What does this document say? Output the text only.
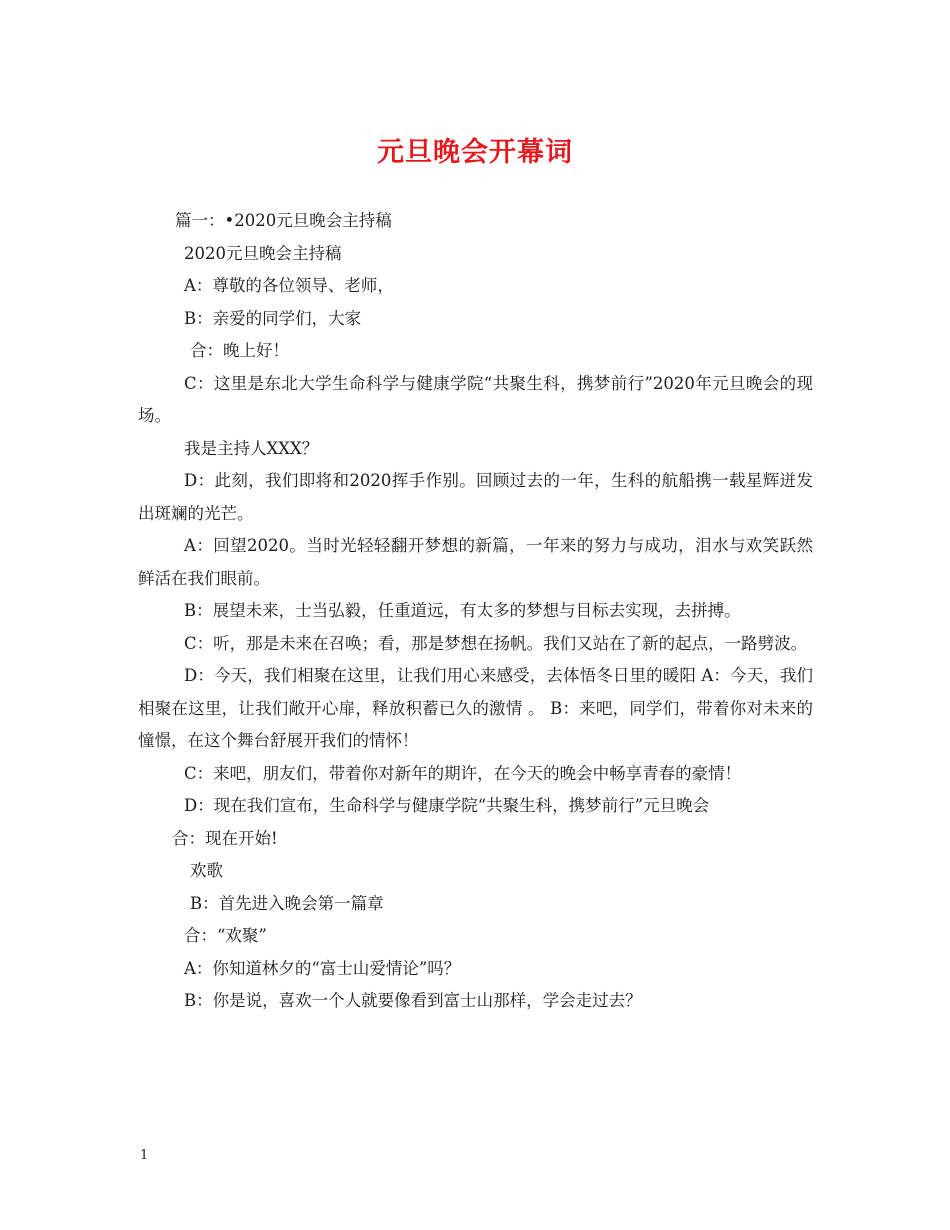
元旦晚会开幕词

篇一：•2020元旦晚会主持稿

2020元旦晚会主持稿

A：尊敬的各位领导、老师，

B：亲爱的同学们，大家

合：晚上好！

C：这里是东北大学生命科学与健康学院“共聚生科，携梦前行”2020年元旦晚会的现场。

我是主持人XXX？

D：此刻，我们即将和2020挥手作别。回顾过去的一年，生科的航船携一载星辉迸发出斑斓的光芒。

A：回望2020。当时光轻轻翻开梦想的新篇，一年来的努力与成功，泪水与欢笑跃然鲜活在我们眼前。

B：展望未来，士当弘毅，任重道远，有太多的梦想与目标去实现，去拼搏。

C：听，那是未来在召唤；看，那是梦想在扬帆。我们又站在了新的起点，一路劈波。

D：今天，我们相聚在这里，让我们用心来感受，去体悟冬日里的暖阳 A：今天，我们相聚在这里，让我们敞开心扉，释放积蓄已久的激情 。 B：来吧，同学们，带着你对未来的憧憬，在这个舞台舒展开我们的情怀！

C：来吧，朋友们，带着你对新年的期许，在今天的晚会中畅享青春的豪情！

D：现在我们宣布，生命科学与健康学院“共聚生科，携梦前行”元旦晚会

合：现在开始!

欢歌

B：首先进入晚会第一篇章

合：“欢聚”

A：你知道林夕的“富士山爱情论”吗？

B：你是说，喜欢一个人就要像看到富士山那样，学会走过去？

1
